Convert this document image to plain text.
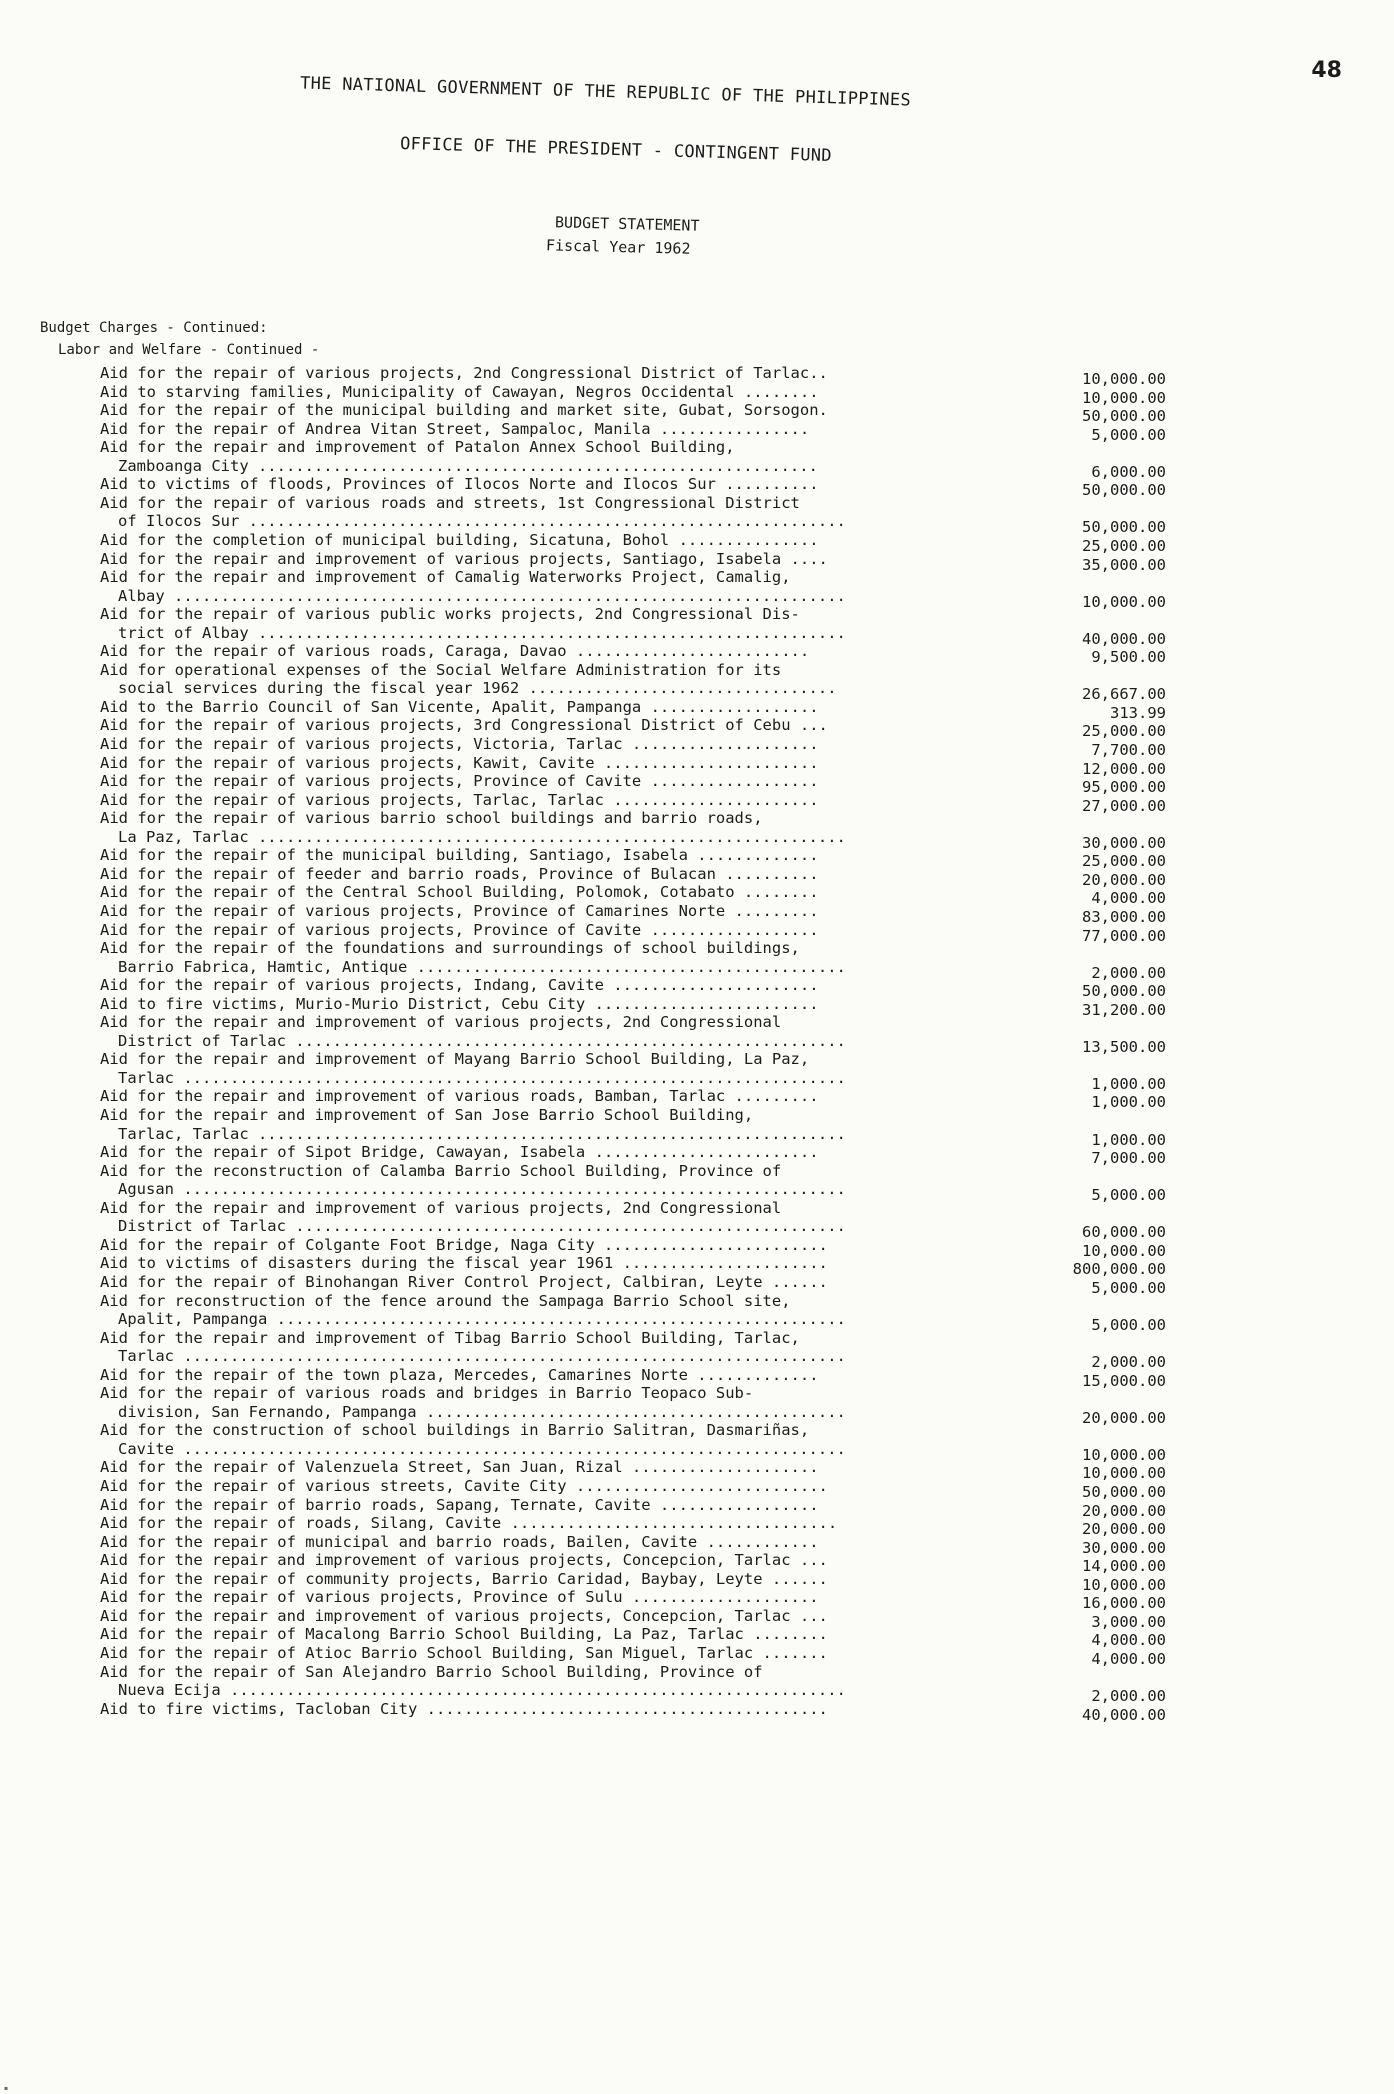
48
THE NATIONAL GOVERNMENT OF THE REPUBLIC OF THE PHILIPPINES
OFFICE OF THE PRESIDENT - CONTINGENT FUND
BUDGET STATEMENT
Fiscal Year 1962
Budget Charges - Continued:
Labor and Welfare - Continued -
Aid for the repair of various projects, 2nd Congressional District of Tarlac..	10,000.00
Aid to starving families, Municipality of Cawayan, Negros Occidental ........	10,000.00
Aid for the repair of the municipal building and market site, Gubat, Sorsogon.	50,000.00
Aid for the repair of Andrea Vitan Street, Sampaloc, Manila ................	5,000.00
Aid for the repair and improvement of Patalon Annex School Building,
Zamboanga City ............................................................	6,000.00
Aid to victims of floods, Provinces of Ilocos Norte and Ilocos Sur ..........	50,000.00
Aid for the repair of various roads and streets, 1st Congressional District
of Ilocos Sur ................................................................	50,000.00
Aid for the completion of municipal building, Sicatuna, Bohol ...............	25,000.00
Aid for the repair and improvement of various projects, Santiago, Isabela ....	35,000.00
Aid for the repair and improvement of Camalig Waterworks Project, Camalig,
Albay ........................................................................	10,000.00
Aid for the repair of various public works projects, 2nd Congressional Dis-
trict of Albay ...............................................................	40,000.00
Aid for the repair of various roads, Caraga, Davao .........................	9,500.00
Aid for operational expenses of the Social Welfare Administration for its
social services during the fiscal year 1962 .................................	26,667.00
Aid to the Barrio Council of San Vicente, Apalit, Pampanga ..................	313.99
Aid for the repair of various projects, 3rd Congressional District of Cebu ...	25,000.00
Aid for the repair of various projects, Victoria, Tarlac ....................	7,700.00
Aid for the repair of various projects, Kawit, Cavite .......................	12,000.00
Aid for the repair of various projects, Province of Cavite ..................	95,000.00
Aid for the repair of various projects, Tarlac, Tarlac ......................	27,000.00
Aid for the repair of various barrio school buildings and barrio roads,
La Paz, Tarlac ...............................................................	30,000.00
Aid for the repair of the municipal building, Santiago, Isabela .............	25,000.00
Aid for the repair of feeder and barrio roads, Province of Bulacan ..........	20,000.00
Aid for the repair of the Central School Building, Polomok, Cotabato ........	4,000.00
Aid for the repair of various projects, Province of Camarines Norte .........	83,000.00
Aid for the repair of various projects, Province of Cavite ..................	77,000.00
Aid for the repair of the foundations and surroundings of school buildings,
Barrio Fabrica, Hamtic, Antique ..............................................	2,000.00
Aid for the repair of various projects, Indang, Cavite ......................	50,000.00
Aid to fire victims, Murio-Murio District, Cebu City ........................	31,200.00
Aid for the repair and improvement of various projects, 2nd Congressional
District of Tarlac ...........................................................	13,500.00
Aid for the repair and improvement of Mayang Barrio School Building, La Paz,
Tarlac .......................................................................	1,000.00
Aid for the repair and improvement of various roads, Bamban, Tarlac .........	1,000.00
Aid for the repair and improvement of San Jose Barrio School Building,
Tarlac, Tarlac ...............................................................	1,000.00
Aid for the repair of Sipot Bridge, Cawayan, Isabela ........................	7,000.00
Aid for the reconstruction of Calamba Barrio School Building, Province of
Agusan .......................................................................	5,000.00
Aid for the repair and improvement of various projects, 2nd Congressional
District of Tarlac ...........................................................	60,000.00
Aid for the repair of Colgante Foot Bridge, Naga City ........................	10,000.00
Aid to victims of disasters during the fiscal year 1961 ......................	800,000.00
Aid for the repair of Binohangan River Control Project, Calbiran, Leyte ......	5,000.00
Aid for reconstruction of the fence around the Sampaga Barrio School site,
Apalit, Pampanga .............................................................	5,000.00
Aid for the repair and improvement of Tibag Barrio School Building, Tarlac,
Tarlac .......................................................................	2,000.00
Aid for the repair of the town plaza, Mercedes, Camarines Norte .............	15,000.00
Aid for the repair of various roads and bridges in Barrio Teopaco Sub-
division, San Fernando, Pampanga .............................................	20,000.00
Aid for the construction of school buildings in Barrio Salitran, Dasmariñas,
Cavite .......................................................................	10,000.00
Aid for the repair of Valenzuela Street, San Juan, Rizal ....................	10,000.00
Aid for the repair of various streets, Cavite City ...........................	50,000.00
Aid for the repair of barrio roads, Sapang, Ternate, Cavite .................	20,000.00
Aid for the repair of roads, Silang, Cavite ...................................	20,000.00
Aid for the repair of municipal and barrio roads, Bailen, Cavite ............	30,000.00
Aid for the repair and improvement of various projects, Concepcion, Tarlac ...	14,000.00
Aid for the repair of community projects, Barrio Caridad, Baybay, Leyte ......	10,000.00
Aid for the repair of various projects, Province of Sulu ....................	16,000.00
Aid for the repair and improvement of various projects, Concepcion, Tarlac ...	3,000.00
Aid for the repair of Macalong Barrio School Building, La Paz, Tarlac ........	4,000.00
Aid for the repair of Atioc Barrio School Building, San Miguel, Tarlac .......	4,000.00
Aid for the repair of San Alejandro Barrio School Building, Province of
Nueva Ecija ..................................................................	2,000.00
Aid to fire victims, Tacloban City ...........................................	40,000.00
▪
